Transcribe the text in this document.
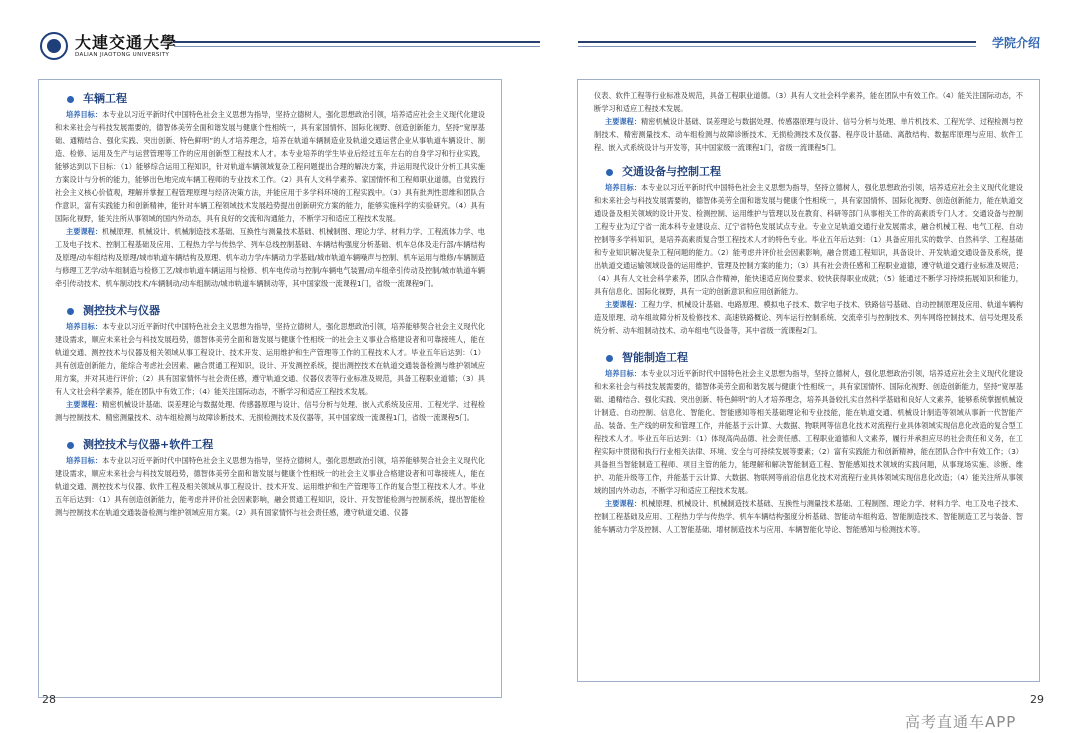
大連交通大學
DALIAN JIAOTONG UNIVERSITY
车辆工程

培养目标：本专业以习近平新时代中国特色社会主义思想为指导，坚持立德树人，强化思想政治引领，培养适应社会主义现代化建设和未来社会与科技发展需要的，德智体美劳全面和谐发展与健康个性相统一，具有家国情怀、国际化视野、创造创新能力，坚持“宽厚基础、通精结合、强化实践、突出创新、特色鲜明”的人才培养理念，培养在轨道车辆制造业及轨道交通运营企业从事轨道车辆设计、制造、检修、运用及生产与运营管理等工作的应用创新型工程技术人才。本专业培养的学生毕业后经过五年左右的自身学习和行业实践，能够达到以下目标：（1）能够综合运用工程知识，针对轨道车辆领域复杂工程问题提出合理的解决方案，并运用现代设计分析工具实施方案设计与分析的能力，能够出色地完成车辆工程师的专业技术工作。（2）具有人文科学素养、家国情怀和工程师职业道德，自觉践行社会主义核心价值观，理解并掌握工程管理原理与经济决策方法，并能应用于多学科环境的工程实践中。（3）具有批判性思维和团队合作意识，富有实践能力和创新精神，能针对车辆工程领域技术发展趋势提出创新研究方案的能力，能够实施科学的实验研究。（4）具有国际化视野，能关注所从事领域的国内外动态，具有良好的交流和沟通能力，不断学习和适应工程技术发展。

主要课程：机械原理、机械设计、机械制造技术基础、互换性与测量技术基础、机械制图、理论力学、材料力学、工程流体力学、电工及电子技术、控制工程基础及应用、工程热力学与传热学、列车总线控制基础、车辆结构强度分析基础、机车总体及走行部/车辆结构及原理/动车组结构及原理/城市轨道车辆结构及原理、机车动力学/车辆动力学基础/城市轨道车辆噪声与控制、机车运用与维修/车辆制造与修理工艺学/动车组制造与检修工艺/城市轨道车辆运用与检修、机车电传动与控制/车辆电气装置/动车组牵引传动及控制/城市轨道车辆牵引传动技术、机车制动技术/车辆制动/动车组制动/城市轨道车辆制动等，其中国家级一流课程1门，省级一流课程9门。

测控技术与仪器

培养目标：本专业以习近平新时代中国特色社会主义思想为指导，坚持立德树人，强化思想政治引领，培养能够契合社会主义现代化建设需求，顺应未来社会与科技发展趋势，德智体美劳全面和谐发展与健康个性相统一的社会主义事业合格建设者和可靠接班人，能在轨道交通、测控技术与仪器及相关领域从事工程设计、技术开发、运用维护和生产管理等工作的工程技术人才。毕业五年后达到：（1）具有创造创新能力，能综合考虑社会因素、融合贯通工程知识，设计、开发测控系统，提出测控技术在轨道交通装备检测与维护领域应用方案，并对其进行评价；（2）具有国家情怀与社会责任感，遵守轨道交通、仪器仪表等行业标准及规范，具备工程职业道德；（3）具有人文社会科学素养，能在团队中有效工作；（4）能关注国际动态，不断学习和适应工程技术发展。

主要课程：精密机械设计基础、误差理论与数据处理、传感器原理与设计、信号分析与处理、嵌入式系统及应用、工程光学、过程检测与控制技术、精密测量技术、动车组检测与故障诊断技术、无损检测技术及仪器等，其中国家级一流课程1门，省级一流课程5门。

测控技术与仪器+软件工程

培养目标：本专业以习近平新时代中国特色社会主义思想为指导，坚持立德树人，强化思想政治引领，培养能够契合社会主义现代化建设需求，顺应未来社会与科技发展趋势，德智体美劳全面和谐发展与健康个性相统一的社会主义事业合格建设者和可靠接班人，能在轨道交通、测控技术与仪器、软件工程及相关领域从事工程设计、技术开发、运用维护和生产管理等工作的复合型工程技术人才。毕业五年后达到：（1）具有创造创新能力，能考虑并评价社会因素影响，融会贯通工程知识，设计、开发智能检测与控制系统，提出智能检测与控制技术在轨道交通装备检测与维护领域应用方案。（2）具有国家情怀与社会责任感，遵守轨道交通、仪器

28
学院介绍

仪表、软件工程等行业标准及规范，具备工程职业道德。（3）具有人文社会科学素养，能在团队中有效工作。（4）能关注国际动态，不断学习和适应工程技术发展。

主要课程：精密机械设计基础、误差理论与数据处理、传感器原理与设计、信号分析与处理、单片机技术、工程光学、过程检测与控制技术、精密测量技术、动车组检测与故障诊断技术、无损检测技术及仪器、程序设计基础、离散结构、数据库原理与应用、软件工程、嵌入式系统设计与开发等，其中国家级一流课程1门，省级一流课程5门。

交通设备与控制工程

培养目标：本专业以习近平新时代中国特色社会主义思想为指导，坚持立德树人，强化思想政治引领，培养适应社会主义现代化建设和未来社会与科技发展需要的，德智体美劳全面和谐发展与健康个性相统一，具有家国情怀、国际化视野、创造创新能力，能在轨道交通设备及相关领域的设计开发、检测控制、运用维护与管理以及在教育、科研等部门从事相关工作的高素质专门人才。交通设备与控制工程专业为辽宁省一流本科专业建设点、辽宁省特色发展试点专业。专业立足轨道交通行业发展需求，融合机械工程、电气工程、自动控制等多学科知识，是培养高素质复合型工程技术人才的特色专业。毕业五年后达到：（1）具备应用扎实的数学、自然科学、工程基础和专业知识解决复杂工程问题的能力。（2）能考虑并评价社会因素影响，融合贯通工程知识，具备设计、开发轨道交通设备及系统，提出轨道交通运输领域设备的运用维护、管理及控制方案的能力；（3）具有社会责任感和工程职业道德，遵守轨道交通行业标准及规范；（4）具有人文社会科学素养，团队合作精神，能快速适应岗位要求、较快获得职业成就；（5）能通过不断学习持续拓展知识和能力，具有信息化、国际化视野，具有一定的创新意识和应用创新能力。

主要课程：工程力学、机械设计基础、电路原理、模拟电子技术、数字电子技术、铁路信号基础、自动控制原理及应用、轨道车辆构造及原理、动车组故障分析及检修技术、高速铁路概论、列车运行控制系统、交流牵引与控制技术、列车网络控制技术、信号处理及系统分析、动车组制动技术、动车组电气设备等，其中省级一流课程2门。

智能制造工程

培养目标：本专业以习近平新时代中国特色社会主义思想为指导，坚持立德树人，强化思想政治引领，培养适应社会主义现代化建设和未来社会与科技发展需要的，德智体美劳全面和谐发展与健康个性相统一，具有家国情怀、国际化视野、创造创新能力，坚持“宽厚基础、通精结合、强化实践、突出创新、特色鲜明”的人才培养理念，培养具备较扎实自然科学基础和良好人文素养，能够系统掌握机械设计制造、自动控制、信息化、智能化、智能感知等相关基础理论和专业技能，能在轨道交通、机械设计制造等领域从事新一代智能产品、装备、生产线的研发和管理工作，并能基于云计算、大数据、物联网等信息化技术对流程行业具体领域实现信息化改造的复合型工程技术人才。毕业五年后达到：（1）体现高尚品德、社会责任感、工程职业道德和人文素养，履行并承担应尽的社会责任和义务，在工程实际中贯彻和执行行业相关法律、环境、安全与可持续发展等要素；（2）富有实践能力和创新精神，能在团队合作中有效工作；（3）具备担当智能制造工程师、项目主管的能力，能理解和解决智能制造工程、智能感知技术领域的实践问题，从事现场实施、诊断、维护、功能升级等工作，并能基于云计算、大数据、物联网等前沿信息化技术对流程行业具体领域实现信息化改造；（4）能关注所从事领域的国内外动态，不断学习和适应工程技术发展。

主要课程：机械原理、机械设计、机械制造技术基础、互换性与测量技术基础、工程制图、理论力学、材料力学、电工及电子技术、控制工程基础及应用、工程热力学与传热学、机车车辆结构强度分析基础、智能动车组构造、智能制造技术、智能制造工艺与装备、智能车辆动力学及控制、人工智能基础、增材制造技术与应用、车辆智能化导论、智能感知与检测技术等。

29
高考直通车APP
